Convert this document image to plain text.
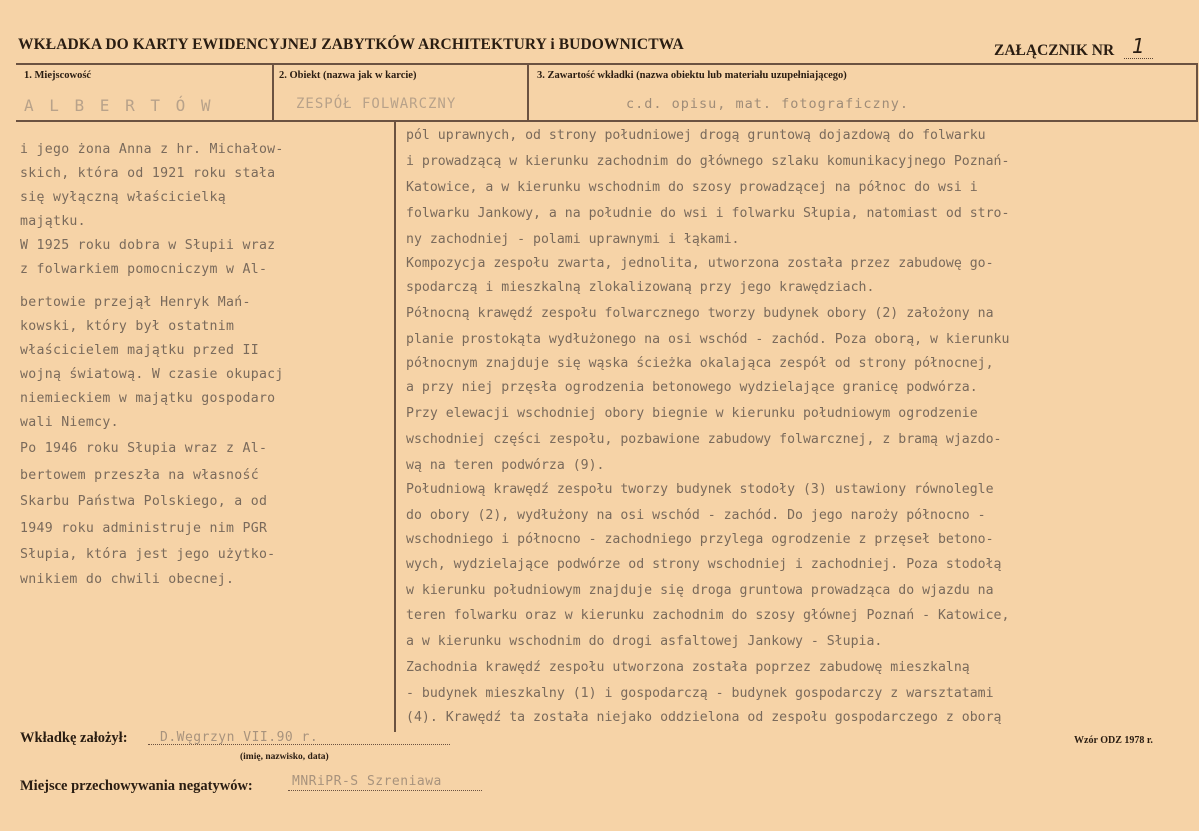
WKŁADKA DO KARTY EWIDENCYJNEJ ZABYTKÓW ARCHITEKTURY i BUDOWNICTWA	ZAŁĄCZNIK NR 1
1. Miejscowość	2. Obiekt (nazwa jak w karcie)	3. Zawartość wkładki (nazwa obiektu lub materiału uzupełniającego)
A L B E R T Ó W	ZESPÓŁ FOLWARCZNY	c.d. opisu, mat. fotograficzny.
i jego żona Anna z hr. Michałow-
skich, która od 1921 roku stała
się wyłączną właścicielką
majątku.
W 1925 roku dobra w Słupii wraz
z folwarkiem pomocniczym w Al-
bertowie przejął Henryk Mań-
kowski, który był ostatnim
właścicielem majątku przed II
wojną światową. W czasie okupacj
niemieckiem w majątku gospodaro
wali Niemcy.
Po 1946 roku Słupia wraz z Al-
bertowem przeszła na własność
Skarbu Państwa Polskiego, a od
1949 roku administruje nim PGR
Słupia, która jest jego użytko-
wnikiem do chwili obecnej.
pól uprawnych, od strony południowej drogą gruntową dojazdową do folwarku
i prowadzącą w kierunku zachodnim do głównego szlaku komunikacyjnego Poznań-
Katowice, a w kierunku wschodnim do szosy prowadzącej na północ do wsi i
folwarku Jankowy, a na południe do wsi i folwarku Słupia, natomiast od stro-
ny zachodniej - polami uprawnymi i łąkami.
Kompozycja zespołu zwarta, jednolita, utworzona została przez zabudowę go-
spodarczą i mieszkalną zlokalizowaną przy jego krawędziach.
Północną krawędź zespołu folwarcznego tworzy budynek obory (2) założony na
planie prostokąta wydłużonego na osi wschód - zachód. Poza oborą, w kierunku
północnym znajduje się wąska ścieżka okalająca zespół od strony północnej,
a przy niej przęsła ogrodzenia betonowego wydzielające granicę podwórza.
Przy elewacji wschodniej obory biegnie w kierunku południowym ogrodzenie
wschodniej części zespołu, pozbawione zabudowy folwarcznej, z bramą wjazdo-
wą na teren podwórza (9).
Południową krawędź zespołu tworzy budynek stodoły (3) ustawiony równolegle
do obory (2), wydłużony na osi wschód - zachód. Do jego naroży północno -
wschodniego i północno - zachodniego przylega ogrodzenie z przęseł betono-
wych, wydzielające podwórze od strony wschodniej i zachodniej. Poza stodołą
w kierunku południowym znajduje się droga gruntowa prowadząca do wjazdu na
teren folwarku oraz w kierunku zachodnim do szosy głównej Poznań - Katowice,
a w kierunku wschodnim do drogi asfaltowej Jankowy - Słupia.
Zachodnia krawędź zespołu utworzona została poprzez zabudowę mieszkalną
- budynek mieszkalny (1) i gospodarczą - budynek gospodarczy z warsztatami
(4). Krawędź ta została niejako oddzielona od zespołu gospodarczego z oborą
Wkładkę założył: D.Węgrzyn VII.90 r.
(imię, nazwisko, data)
Wzór ODZ 1978 r.
Miejsce przechowywania negatywów:	MNRiPR-S Szreniawa
